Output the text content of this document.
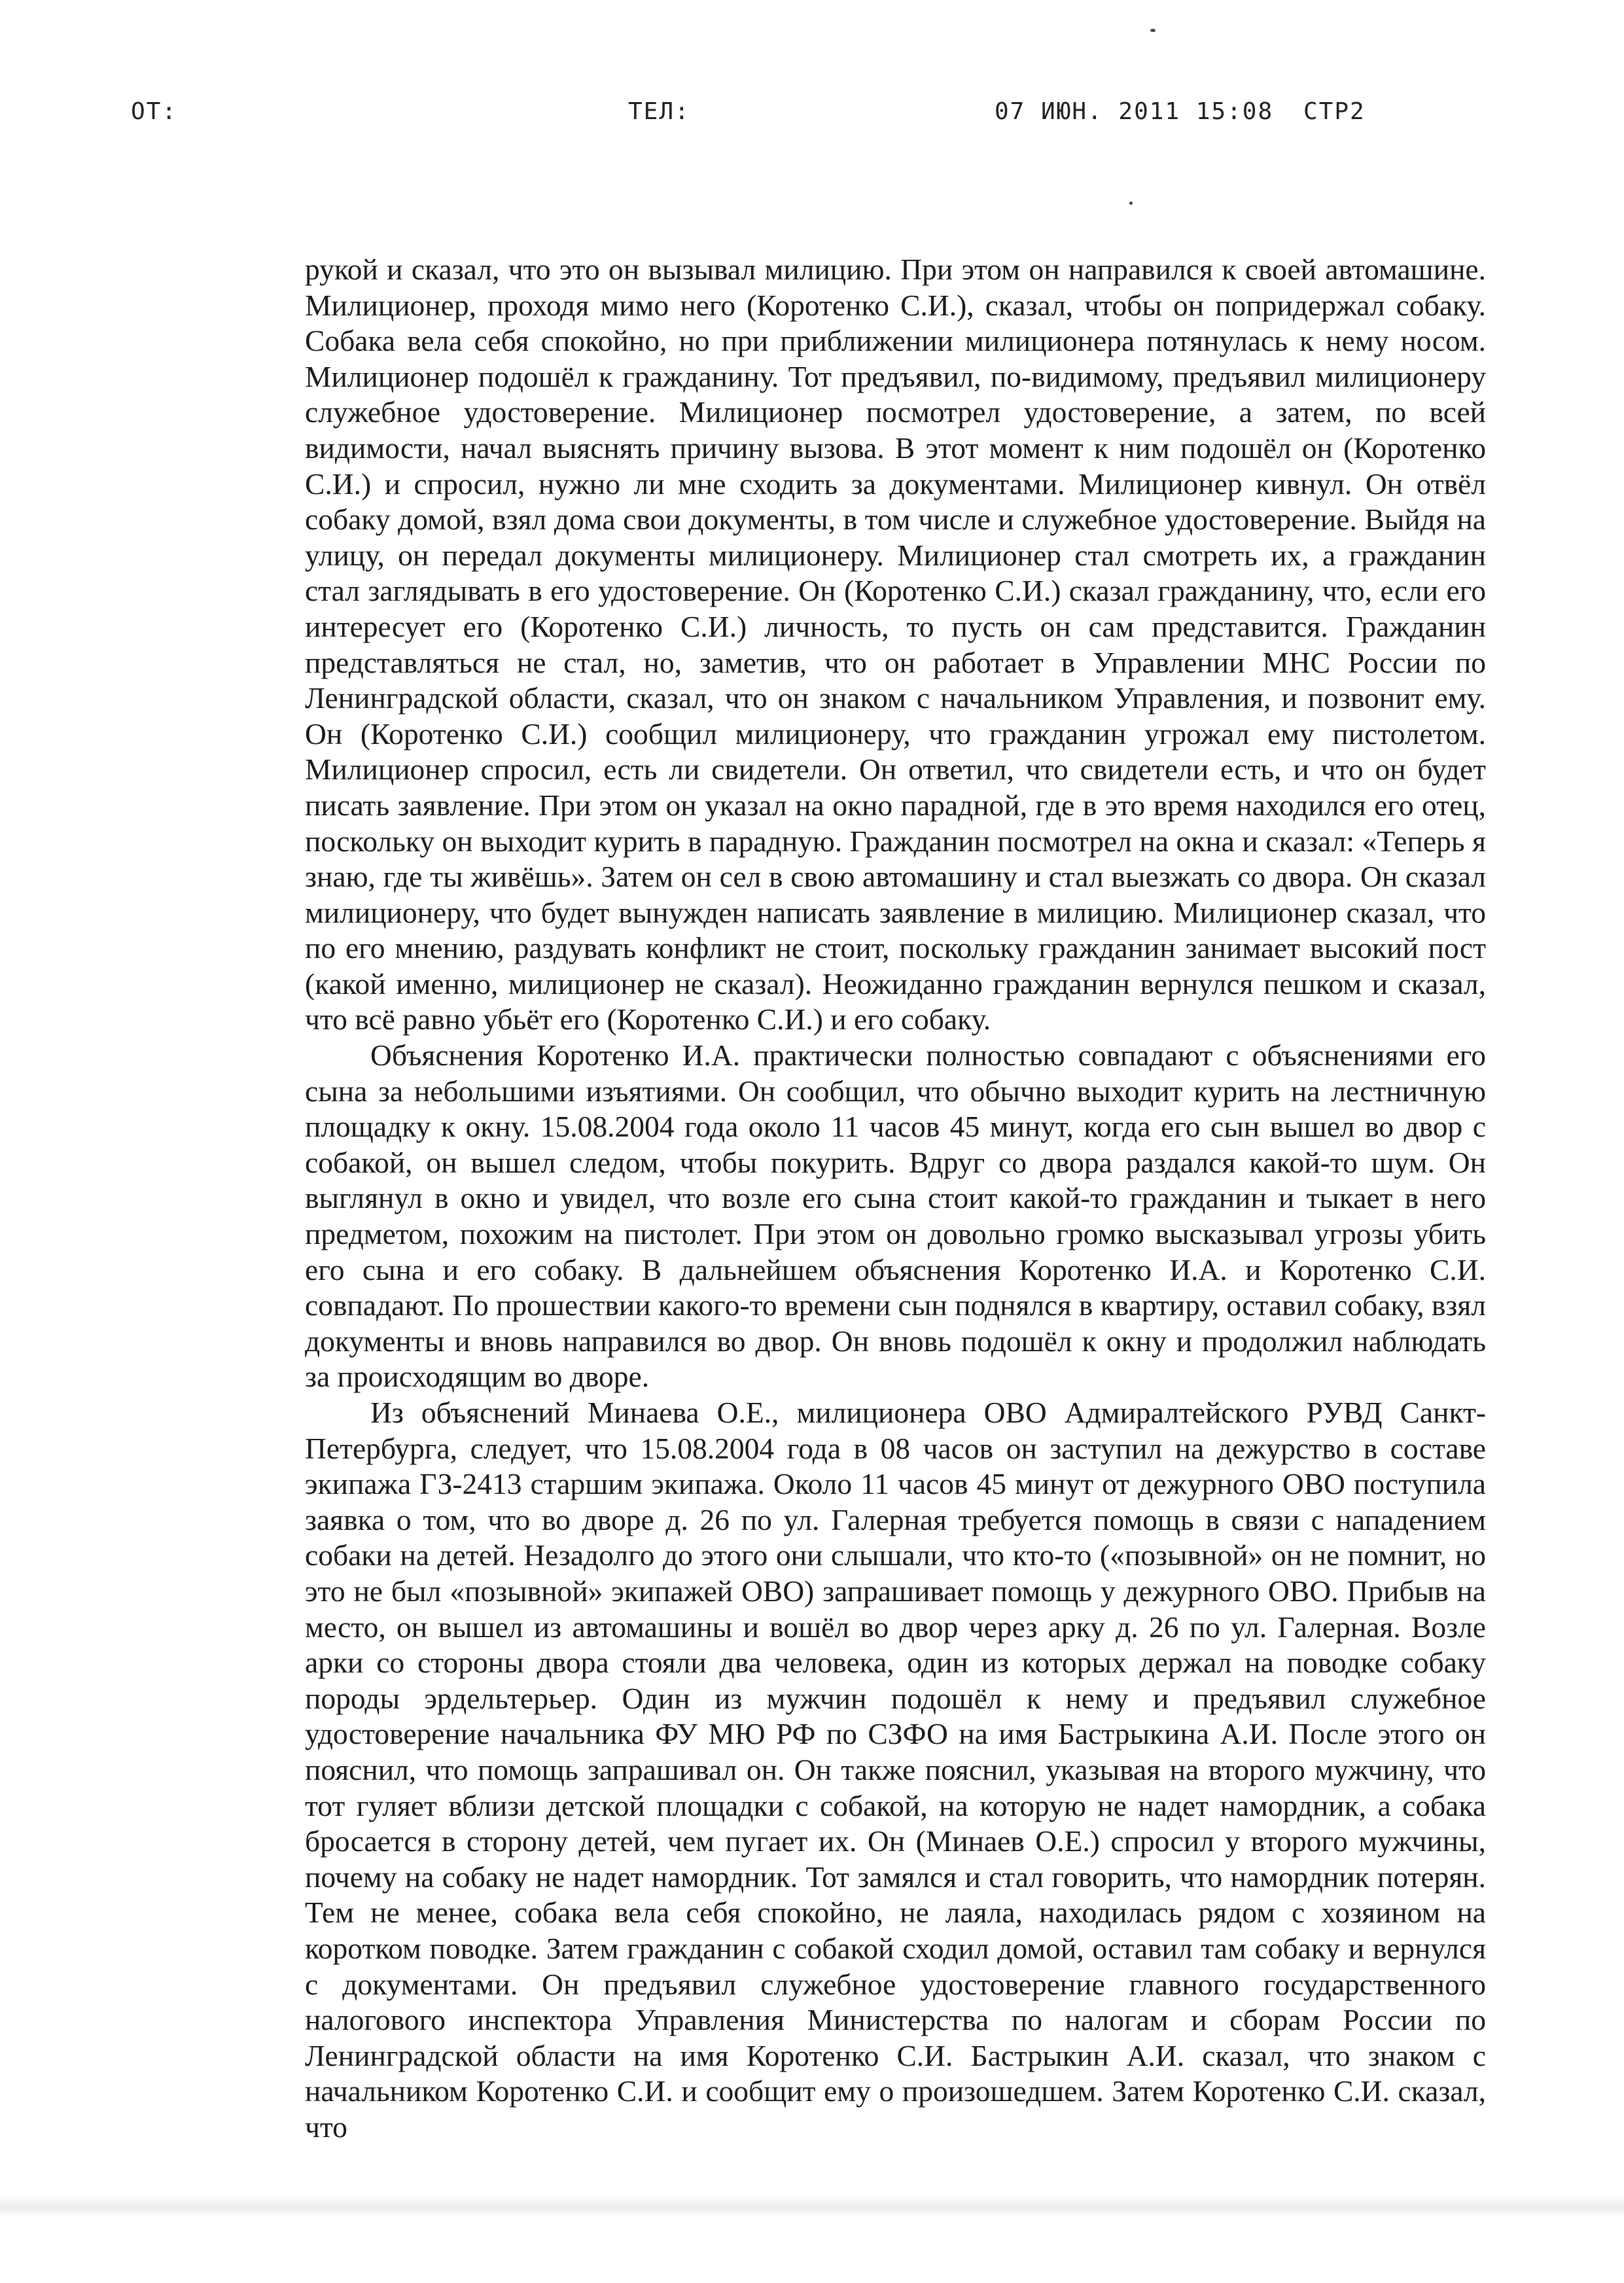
ОТ:	ТЕЛ:	07 ИЮН. 2011 15:08 СТР2

рукой и сказал, что это он вызывал милицию. При этом он направился к своей автомашине. Милиционер, проходя мимо него (Коротенко С.И.), сказал, чтобы он попридержал собаку. Собака вела себя спокойно, но при приближении милиционера потянулась к нему носом. Милиционер подошёл к гражданину. Тот предъявил, по-видимому, предъявил милиционеру служебное удостоверение. Милиционер посмотрел удостоверение, а затем, по всей видимости, начал выяснять причину вызова. В этот момент к ним подошёл он (Коротенко С.И.) и спросил, нужно ли мне сходить за документами. Милиционер кивнул. Он отвёл собаку домой, взял дома свои документы, в том числе и служебное удостоверение. Выйдя на улицу, он передал документы милиционеру. Милиционер стал смотреть их, а гражданин стал заглядывать в его удостоверение. Он (Коротенко С.И.) сказал гражданину, что, если его интересует его (Коротенко С.И.) личность, то пусть он сам представится. Гражданин представляться не стал, но, заметив, что он работает в Управлении МНС России по Ленинградской области, сказал, что он знаком с начальником Управления, и позвонит ему. Он (Коротенко С.И.) сообщил милиционеру, что гражданин угрожал ему пистолетом. Милиционер спросил, есть ли свидетели. Он ответил, что свидетели есть, и что он будет писать заявление. При этом он указал на окно парадной, где в это время находился его отец, поскольку он выходит курить в парадную. Гражданин посмотрел на окна и сказал: «Теперь я знаю, где ты живёшь». Затем он сел в свою автомашину и стал выезжать со двора. Он сказал милиционеру, что будет вынужден написать заявление в милицию. Милиционер сказал, что по его мнению, раздувать конфликт не стоит, поскольку гражданин занимает высокий пост (какой именно, милиционер не сказал). Неожиданно гражданин вернулся пешком и сказал, что всё равно убьёт его (Коротенко С.И.) и его собаку.

Объяснения Коротенко И.А. практически полностью совпадают с объяснениями его сына за небольшими изъятиями. Он сообщил, что обычно выходит курить на лестничную площадку к окну. 15.08.2004 года около 11 часов 45 минут, когда его сын вышел во двор с собакой, он вышел следом, чтобы покурить. Вдруг со двора раздался какой-то шум. Он выглянул в окно и увидел, что возле его сына стоит какой-то гражданин и тыкает в него предметом, похожим на пистолет. При этом он довольно громко высказывал угрозы убить его сына и его собаку. В дальнейшем объяснения Коротенко И.А. и Коротенко С.И. совпадают. По прошествии какого-то времени сын поднялся в квартиру, оставил собаку, взял документы и вновь направился во двор. Он вновь подошёл к окну и продолжил наблюдать за происходящим во дворе.

Из объяснений Минаева О.Е., милиционера ОВО Адмиралтейского РУВД Санкт-Петербурга, следует, что 15.08.2004 года в 08 часов он заступил на дежурство в составе экипажа ГЗ-2413 старшим экипажа. Около 11 часов 45 минут от дежурного ОВО поступила заявка о том, что во дворе д. 26 по ул. Галерная требуется помощь в связи с нападением собаки на детей. Незадолго до этого они слышали, что кто-то («позывной» он не помнит, но это не был «позывной» экипажей ОВО) запрашивает помощь у дежурного ОВО. Прибыв на место, он вышел из автомашины и вошёл во двор через арку д. 26 по ул. Галерная. Возле арки со стороны двора стояли два человека, один из которых держал на поводке собаку породы эрдельтерьер. Один из мужчин подошёл к нему и предъявил служебное удостоверение начальника ФУ МЮ РФ по СЗФО на имя Бастрыкина А.И. После этого он пояснил, что помощь запрашивал он. Он также пояснил, указывая на второго мужчину, что тот гуляет вблизи детской площадки с собакой, на которую не надет намордник, а собака бросается в сторону детей, чем пугает их. Он (Минаев О.Е.) спросил у второго мужчины, почему на собаку не надет намордник. Тот замялся и стал говорить, что намордник потерян. Тем не менее, собака вела себя спокойно, не лаяла, находилась рядом с хозяином на коротком поводке. Затем гражданин с собакой сходил домой, оставил там собаку и вернулся с документами. Он предъявил служебное удостоверение главного государственного налогового инспектора Управления Министерства по налогам и сборам России по Ленинградской области на имя Коротенко С.И. Бастрыкин А.И. сказал, что знаком с начальником Коротенко С.И. и сообщит ему о произошедшем. Затем Коротенко С.И. сказал, что
